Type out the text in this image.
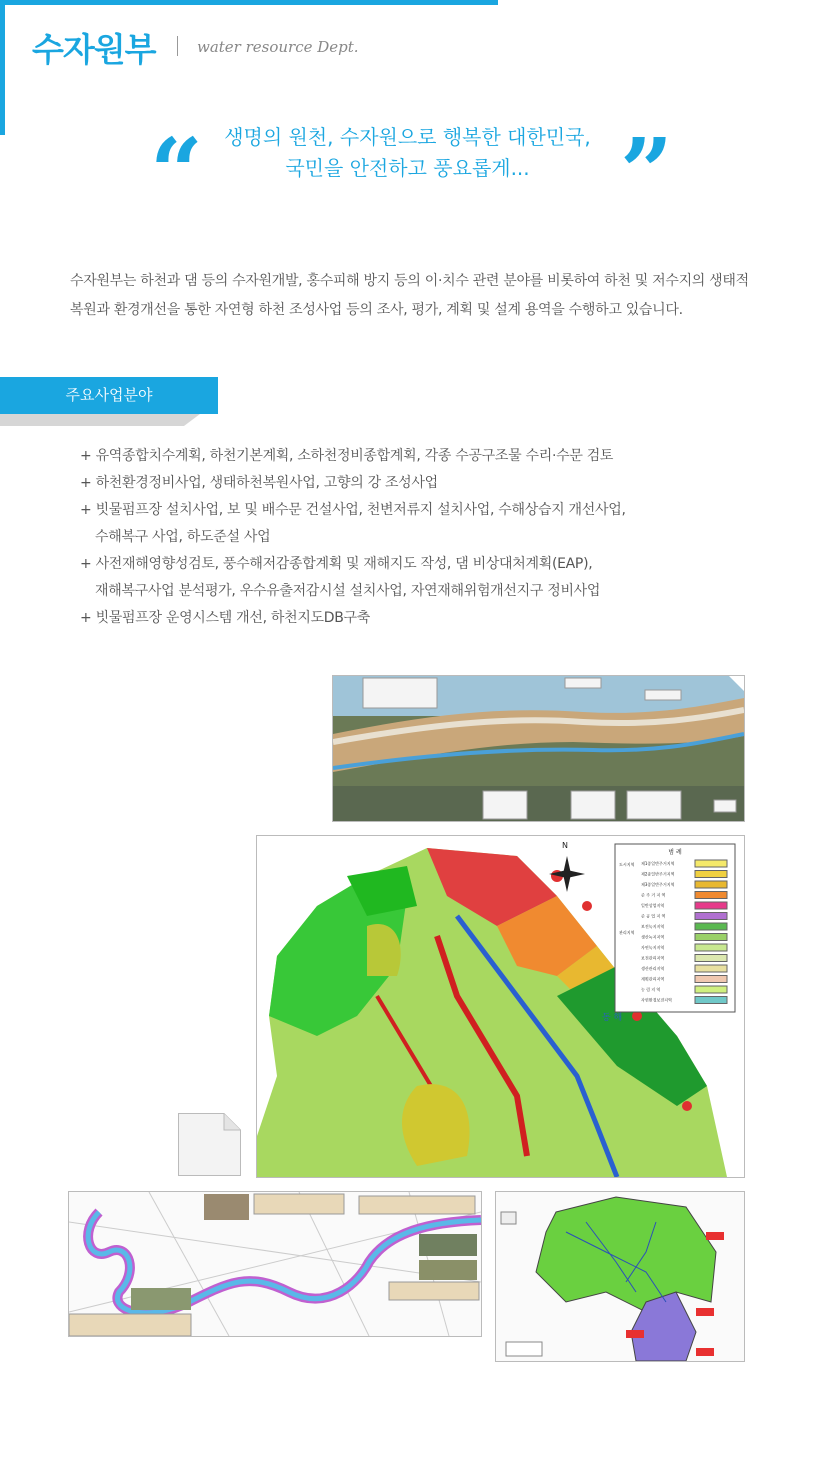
수자원부	water resource Dept.
“	생명의 원천, 수자원으로 행복한 대한민국,
국민을 안전하고 풍요롭게... ”

수자원부는 하천과 댐 등의 수자원개발, 홍수피해 방지 등의 이·치수 관련 분야를 비롯하여 하천 및 저수지의 생태적 복원과 환경개선을 통한 자연형 하천 조성사업 등의 조사, 평가, 계획 및 설계 용역을 수행하고 있습니다.

주요사업분야
+ 유역종합치수계획, 하천기본계획, 소하천정비종합계획, 각종 수공구조물 수리·수문 검토
+ 하천환경정비사업, 생태하천복원사업, 고향의 강 조성사업
+ 빗물펌프장 설치사업, 보 및 배수문 건설사업, 천변저류지 설치사업, 수해상습지 개선사업,
수해복구 사업, 하도준설 사업
+ 사전재해영향성검토, 풍수해저감종합계획 및 재해지도 작성, 댐 비상대처계획(EAP),
재해복구사업 분석평가, 우수유출저감시설 설치사업, 자연재해위험개선지구 정비사업
+ 빗물펌프장 운영시스템 개선, 하천지도DB구축
동 해
N
범 례
도시지역
관리지역
제1종일반주거지역
제2종일반주거지역
제3종일반주거지역
준 주 거 지 역
일반상업지역
준 공 업 지 역
보전녹지지역
생산녹지지역
자연녹지지역
보전관리지역
생산관리지역
계획관리지역
농 림 지 역
자연환경보전지역
